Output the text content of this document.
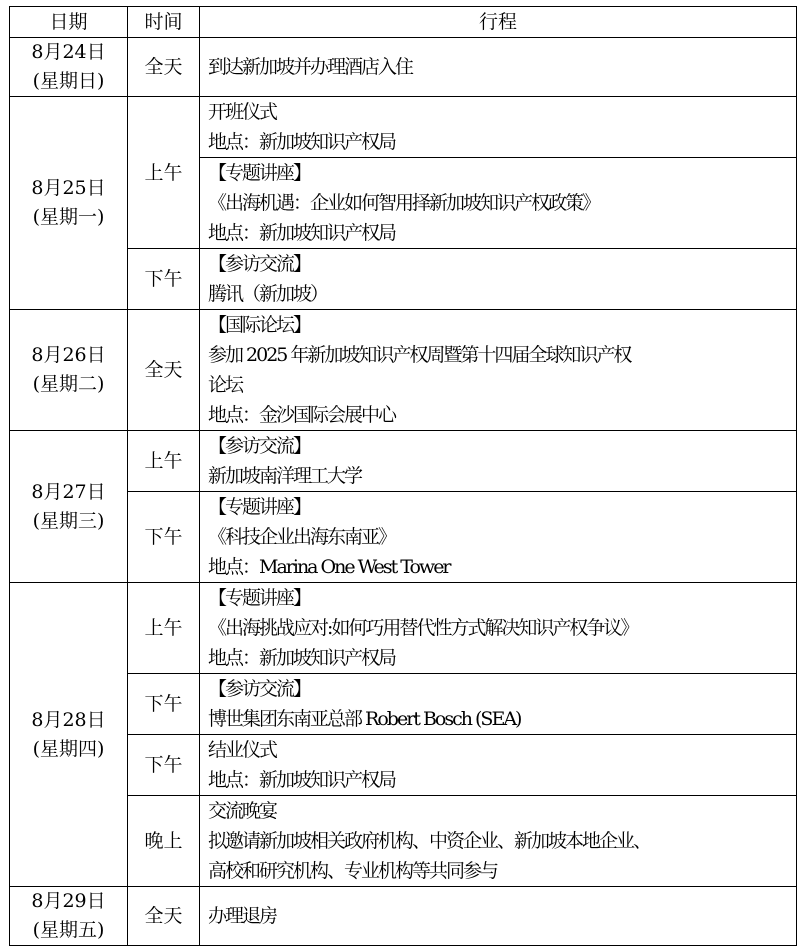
日期	时间	行程

8月24日
(星期日)	全天	到达新加坡并办理酒店入住

8月25日
(星期一)	上午	开班仪式
地点：新加坡知识产权局

		【专题讲座】
《出海机遇：企业如何智用择新加坡知识产权政策》
地点：新加坡知识产权局

	下午	【参访交流】
腾讯（新加坡）

8月26日
(星期二)	全天	【国际论坛】
参加 2025 年新加坡知识产权周暨第十四届全球知识产权
论坛
地点：金沙国际会展中心

8月27日
(星期三)	上午	【参访交流】
新加坡南洋理工大学

	下午	【专题讲座】
《科技企业出海东南亚》
地点：Marina One West Tower

8月28日
(星期四)	上午	【专题讲座】
《出海挑战应对:如何巧用替代性方式解决知识产权争议》
地点：新加坡知识产权局

	下午	【参访交流】
博世集团东南亚总部 Robert Bosch (SEA)

	下午	结业仪式
地点：新加坡知识产权局

	晚上	交流晚宴
拟邀请新加坡相关政府机构、中资企业、新加坡本地企业、
高校和研究机构、专业机构等共同参与

8月29日
(星期五)	全天	办理退房
